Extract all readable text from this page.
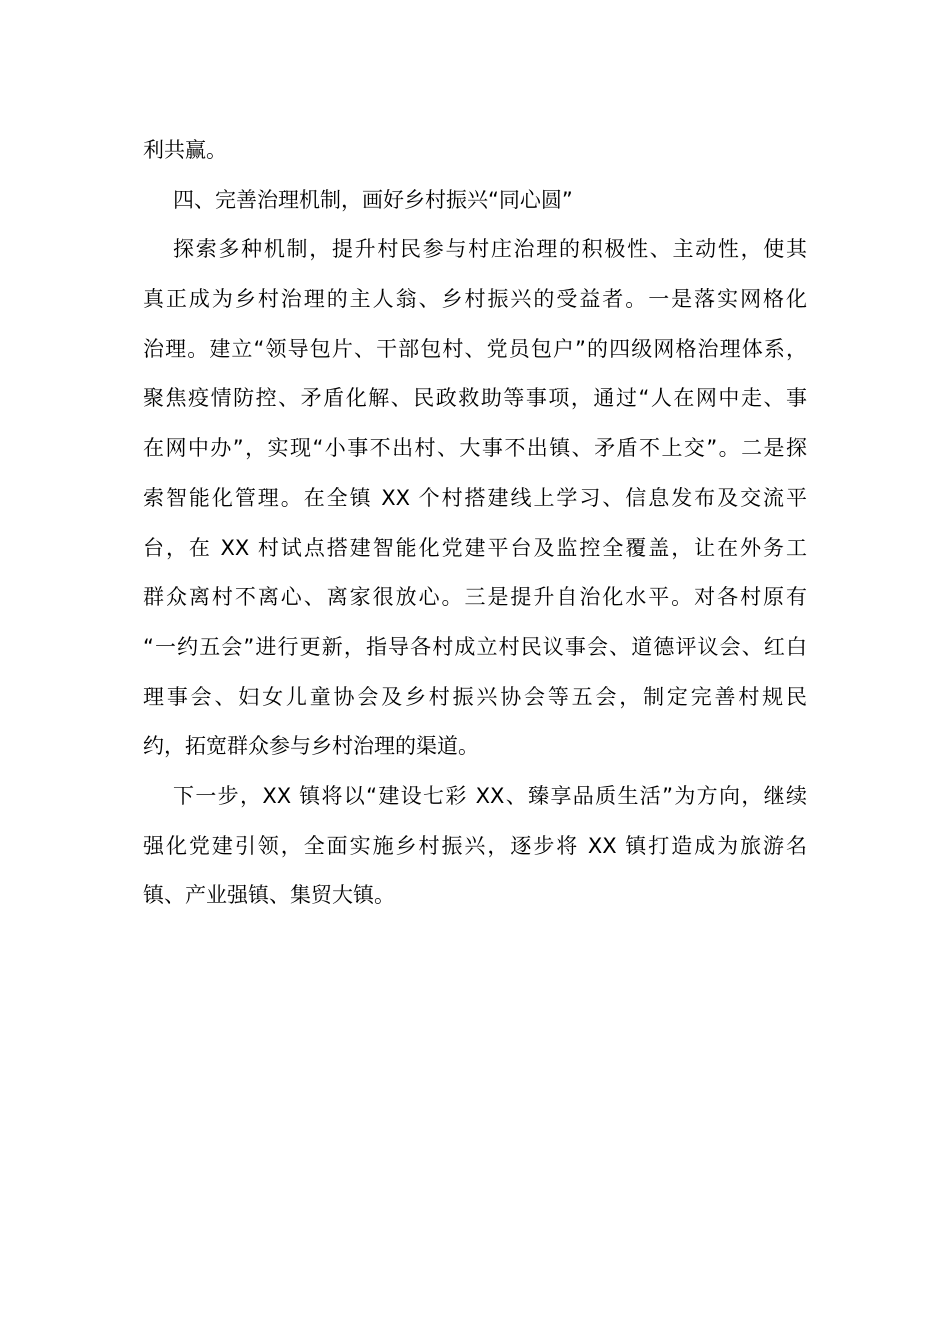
利共赢。
四、完善治理机制，画好乡村振兴“同心圆”
探索多种机制，提升村民参与村庄治理的积极性、主动性，使其
真正成为乡村治理的主人翁、乡村振兴的受益者。一是落实网格化
治理。建立“领导包片、干部包村、党员包户”的四级网格治理体系，
聚焦疫情防控、矛盾化解、民政救助等事项，通过“人在网中走、事
在网中办”，实现“小事不出村、大事不出镇、矛盾不上交”。二是探
索智能化管理。在全镇 XX 个村搭建线上学习、信息发布及交流平
台，在 XX 村试点搭建智能化党建平台及监控全覆盖，让在外务工
群众离村不离心、离家很放心。三是提升自治化水平。对各村原有
“一约五会”进行更新，指导各村成立村民议事会、道德评议会、红白
理事会、妇女儿童协会及乡村振兴协会等五会，制定完善村规民
约，拓宽群众参与乡村治理的渠道。
下一步，XX 镇将以“建设七彩 XX、臻享品质生活”为方向，继续
强化党建引领，全面实施乡村振兴，逐步将 XX 镇打造成为旅游名
镇、产业强镇、集贸大镇。
